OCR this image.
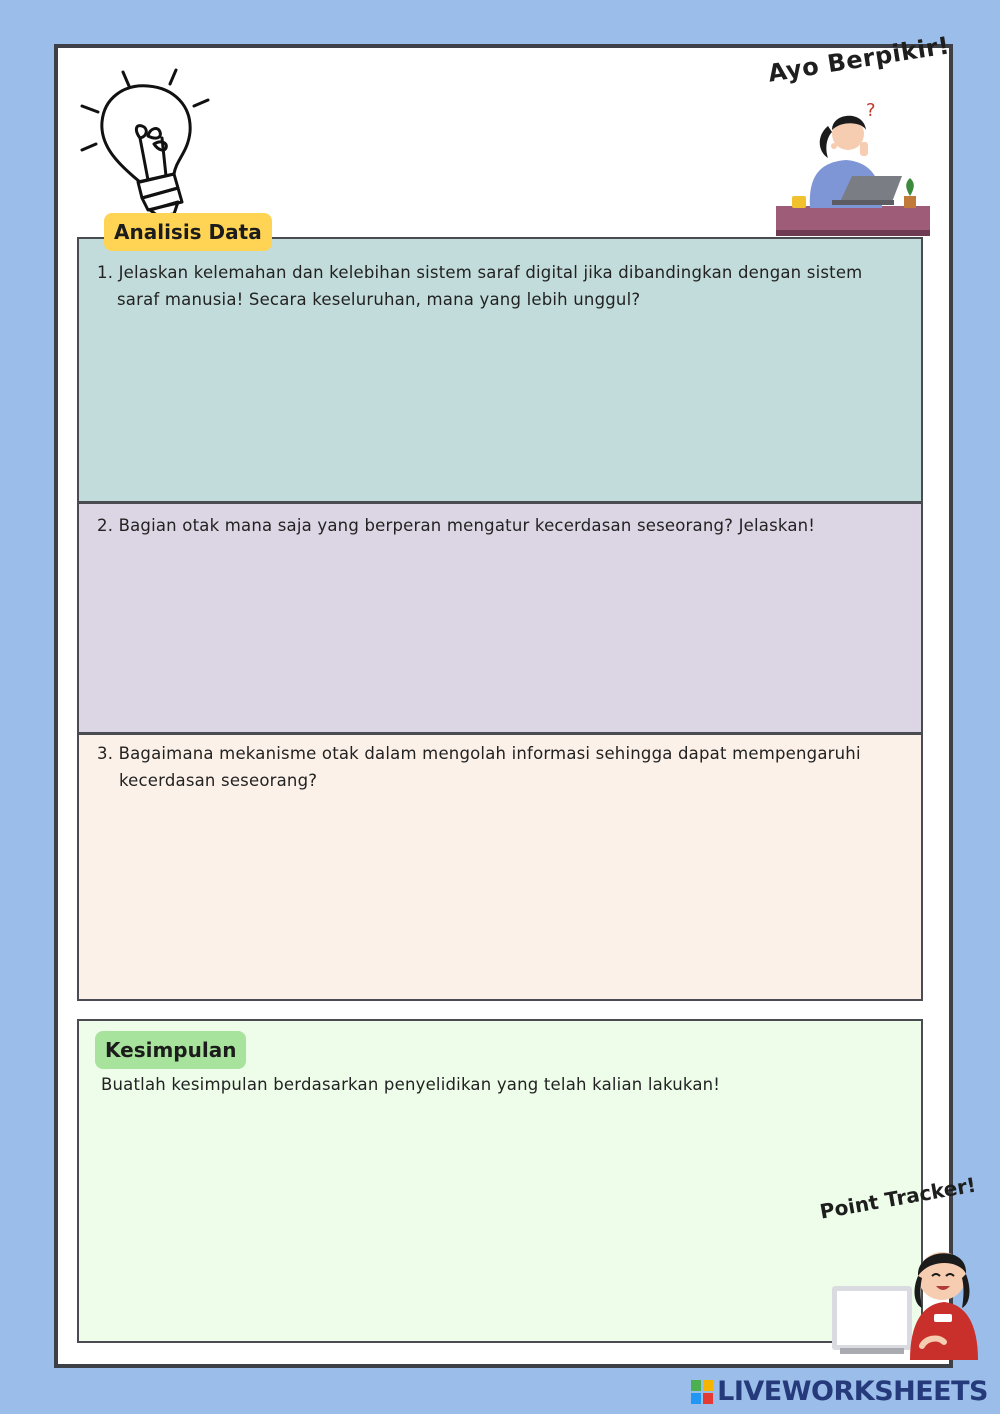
Ayo Berpikir!
?
Analisis Data
1. Jelaskan kelemahan dan kelebihan sistem saraf digital jika dibandingkan dengan sistem saraf manusia! Secara keseluruhan, mana yang lebih unggul?
2. Bagian otak mana saja yang berperan mengatur kecerdasan seseorang? Jelaskan!
3. Bagaimana mekanisme otak dalam mengolah informasi sehingga dapat mempengaruhi kecerdasan seseorang?
Buatlah kesimpulan berdasarkan penyelidikan yang telah kalian lakukan!
Kesimpulan
Point Tracker!
LIVEWORKSHEETS
